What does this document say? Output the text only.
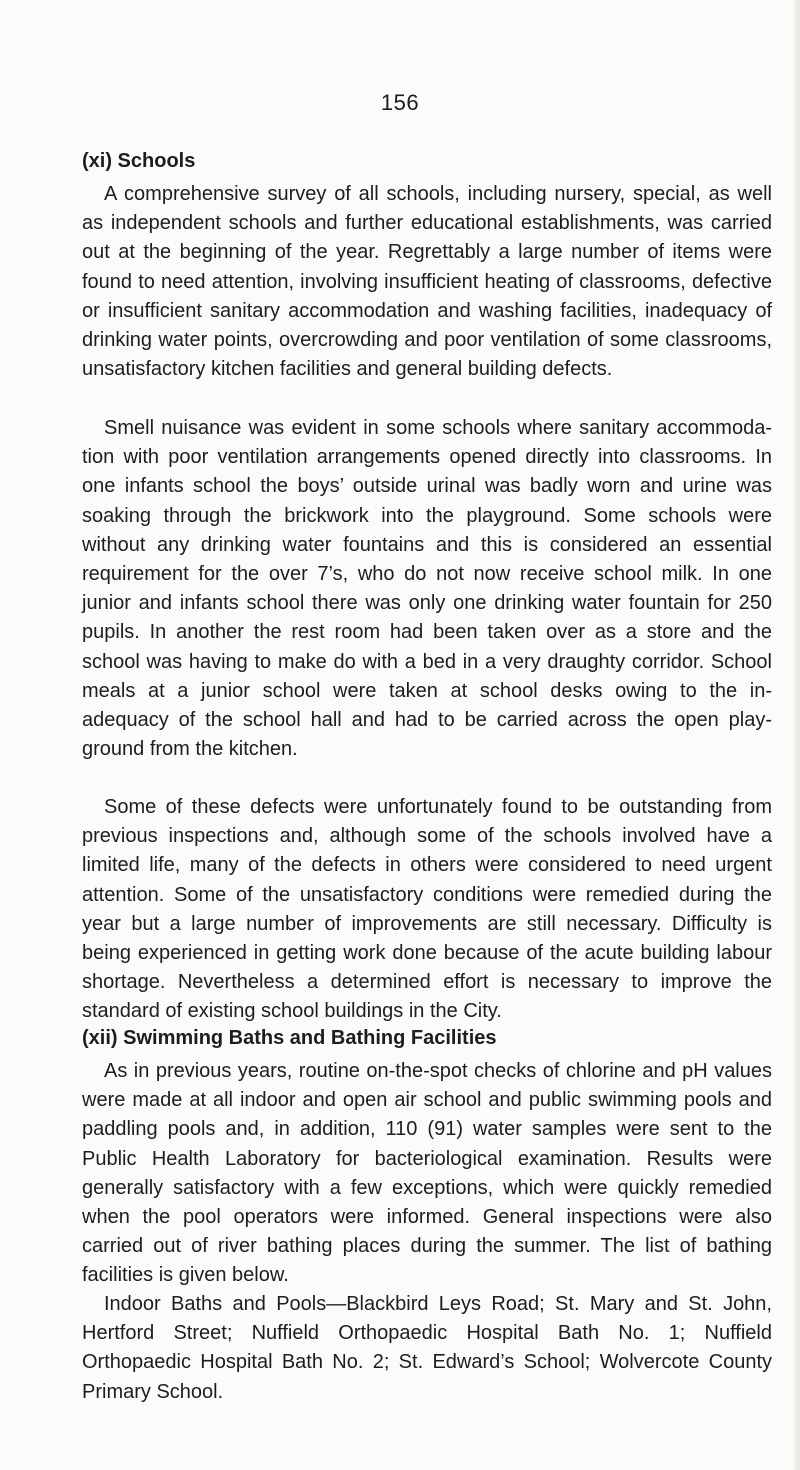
156
(xi) Schools

A comprehensive survey of all schools, including nursery, special, as well as independent schools and further educational establishments, was carried out at the beginning of the year. Regrettably a large number of items were found to need attention, involving insufficient heating of classrooms, defective or insufficient sanitary accommodation and washing facilities, inadequacy of drinking water points, overcrowding and poor ventilation of some classrooms, unsatisfactory kitchen facilities and general building defects.

Smell nuisance was evident in some schools where sanitary accommoda- tion with poor ventilation arrangements opened directly into classrooms. In one infants school the boys’ outside urinal was badly worn and urine was soaking through the brickwork into the playground. Some schools were without any drinking water fountains and this is considered an essential requirement for the over 7’s, who do not now receive school milk. In one junior and infants school there was only one drinking water fountain for 250 pupils. In another the rest room had been taken over as a store and the school was having to make do with a bed in a very draughty corridor. School meals at a junior school were taken at school desks owing to the in- adequacy of the school hall and had to be carried across the open play- ground from the kitchen.

Some of these defects were unfortunately found to be outstanding from previous inspections and, although some of the schools involved have a limited life, many of the defects in others were considered to need urgent attention. Some of the unsatisfactory conditions were remedied during the year but a large number of improvements are still necessary. Difficulty is being experienced in getting work done because of the acute building labour shortage. Nevertheless a determined effort is necessary to improve the standard of existing school buildings in the City.

(xii) Swimming Baths and Bathing Facilities

As in previous years, routine on-the-spot checks of chlorine and pH values were made at all indoor and open air school and public swimming pools and paddling pools and, in addition, 110 (91) water samples were sent to the Public Health Laboratory for bacteriological examination. Results were generally satisfactory with a few exceptions, which were quickly remedied when the pool operators were informed. General inspections were also carried out of river bathing places during the summer. The list of bathing facilities is given below.

Indoor Baths and Pools—Blackbird Leys Road; St. Mary and St. John, Hertford Street; Nuffield Orthopaedic Hospital Bath No. 1; Nuffield Orthopaedic Hospital Bath No. 2; St. Edward’s School; Wolvercote County Primary School.
